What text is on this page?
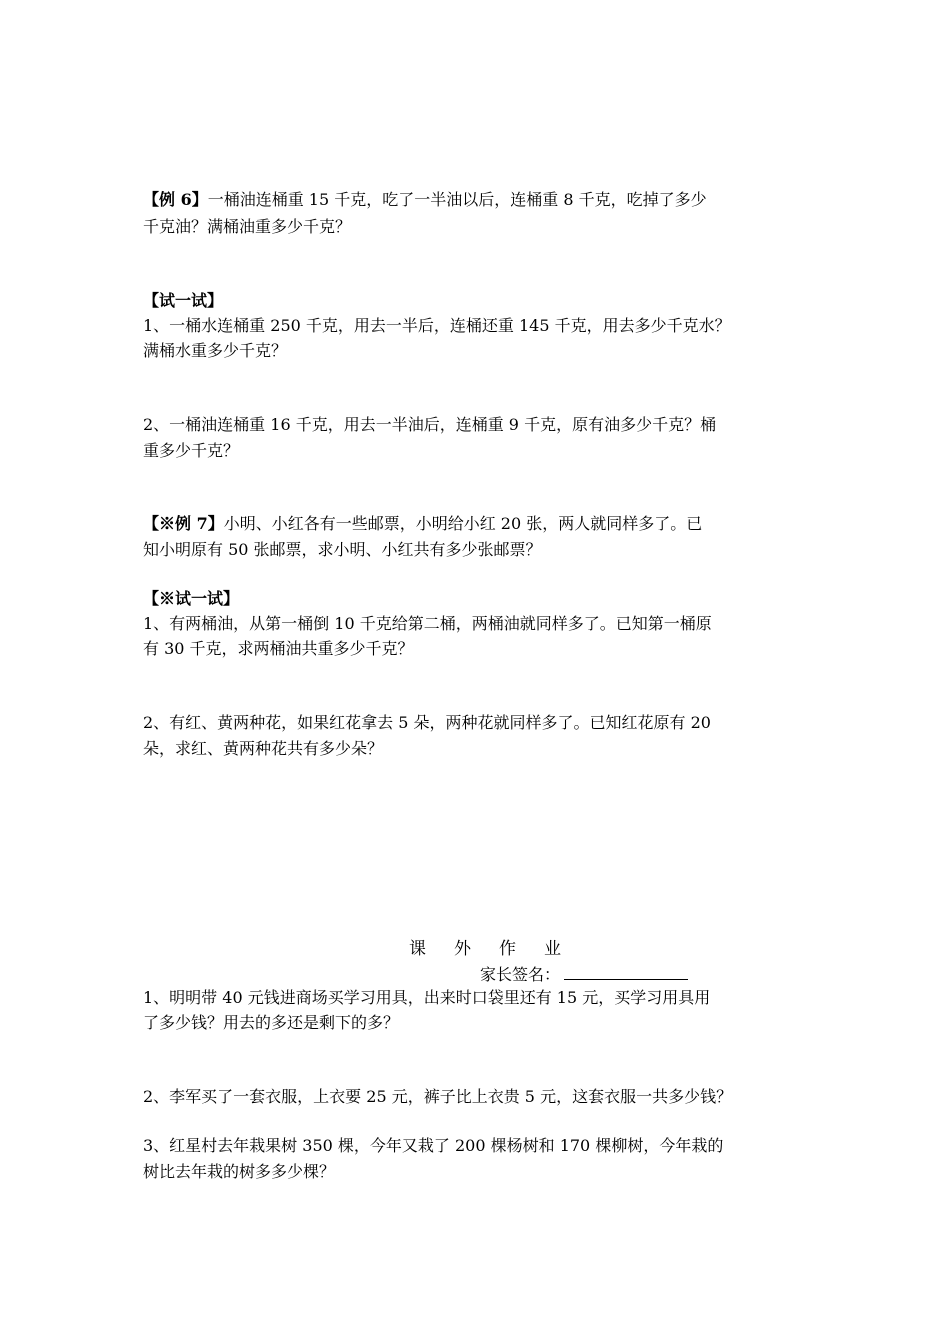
【例 6】一桶油连桶重 15 千克，吃了一半油以后，连桶重 8 千克，吃掉了多少
千克油？满桶油重多少千克？
【试一试】
1、一桶水连桶重 250 千克，用去一半后，连桶还重 145 千克，用去多少千克水？
满桶水重多少千克？
2、一桶油连桶重 16 千克，用去一半油后，连桶重 9 千克，原有油多少千克？桶
重多少千克？
【※例 7】小明、小红各有一些邮票，小明给小红 20 张，两人就同样多了。已
知小明原有 50 张邮票，求小明、小红共有多少张邮票？
【※试一试】
1、有两桶油，从第一桶倒 10 千克给第二桶，两桶油就同样多了。已知第一桶原
有 30 千克，求两桶油共重多少千克？
2、有红、黄两种花，如果红花拿去 5 朵，两种花就同样多了。已知红花原有 20
朵，求红、黄两种花共有多少朵？
课 外 作 业
家长签名：
1、明明带 40 元钱进商场买学习用具，出来时口袋里还有 15 元，买学习用具用
了多少钱？用去的多还是剩下的多？
2、李军买了一套衣服，上衣要 25 元，裤子比上衣贵 5 元，这套衣服一共多少钱？
3、红星村去年栽果树 350 棵，今年又栽了 200 棵杨树和 170 棵柳树，今年栽的
树比去年栽的树多多少棵？
